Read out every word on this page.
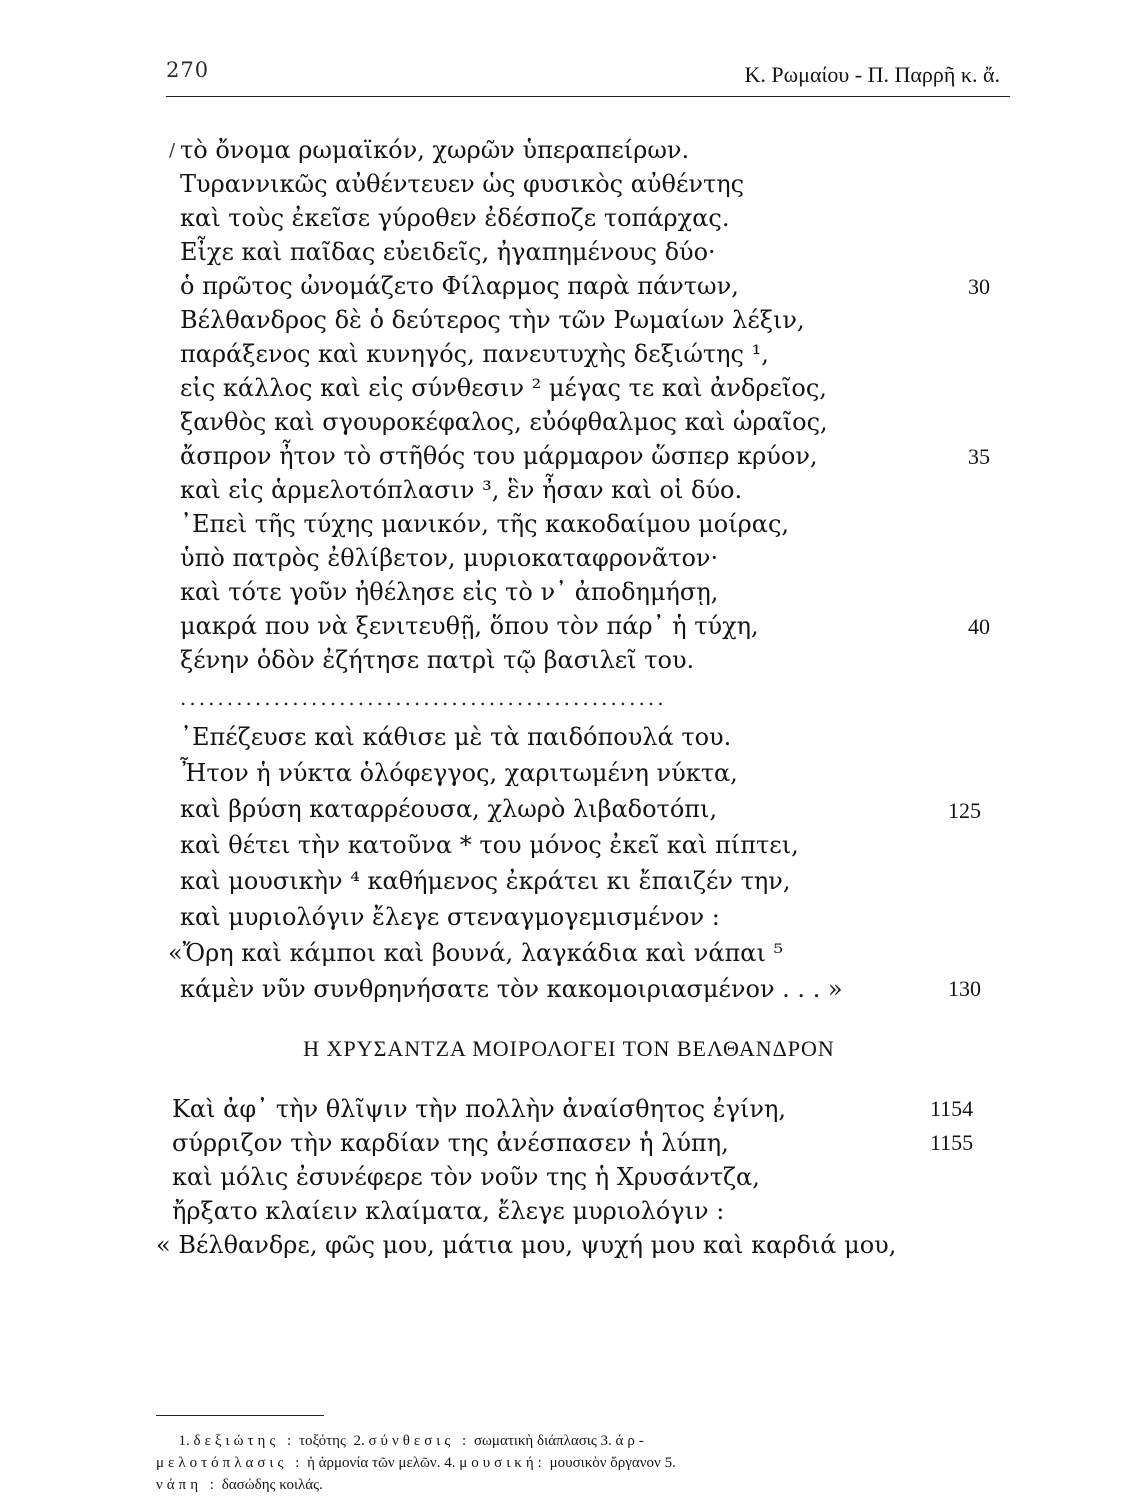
270	Κ. Ρωμαίου - Π. Παρρῆ κ. ἄ.
/ τὸ ὄνομα ρωμαϊκόν, χωρῶν ὑπεραπείρων.
Τυραννικῶς αὐθέντευεν ὡς φυσικὸς αὐθέντης
καὶ τοὺς ἐκεῖσε γύροθεν ἐδέσποζε τοπάρχας.
Εἶχε καὶ παῖδας εὐειδεῖς, ἠγαπημένους δύο·
ὁ πρῶτος ὠνομάζετο Φίλαρμος παρὰ πάντων,
Βέλθανδρος δὲ ὁ δεύτερος τὴν τῶν Ρωμαίων λέξιν,
παράξενος καὶ κυνηγός, πανευτυχὴς δεξιώτης ¹,
εἰς κάλλος καὶ εἰς σύνθεσιν ² μέγας τε καὶ ἀνδρεῖος,
ξανθὸς καὶ σγουροκέφαλος, εὐόφθαλμος καὶ ὡραῖος,
ἄσπρον ἦτον τὸ στῆθός του μάρμαρον ὥσπερ κρύον,
καὶ εἰς ἁρμελοτόπλασιν ³, ἓν ἦσαν καὶ οἱ δύο.
᾿Επεὶ τῆς τύχης μανικόν, τῆς κακοδαίμου μοίρας,
ὑπὸ πατρὸς ἐθλίβετον, μυριοκαταφρονᾶτον·
καὶ τότε γοῦν ἠθέλησε εἰς τὸ ν᾿ ἀποδημήσῃ,
μακρά που νὰ ξενιτευθῇ, ὅπου τὸν πάρ᾿ ἡ τύχη,
ξένην ὁδὸν ἐζήτησε πατρὶ τῷ βασιλεῖ του.
30
35
40
....................................................
᾿Επέζευσε καὶ κάθισε μὲ τὰ παιδόπουλά του.
Ἦτον ἡ νύκτα ὁλόφεγγος, χαριτωμένη νύκτα,
καὶ βρύση καταρρέουσα, χλωρὸ λιβαδοτόπι,
καὶ θέτει τὴν κατοῦνα * του μόνος ἐκεῖ καὶ πίπτει,
καὶ μουσικὴν ⁴ καθήμενος ἐκράτει κι ἔπαιζέν την,
καὶ μυριολόγιν ἔλεγε στεναγμογεμισμένον :
«Ὄρη καὶ κάμποι καὶ βουνά, λαγκάδια καὶ νάπαι ⁵
κάμὲν νῦν συνθρηνήσατε τὸν κακομοιριασμένον . . . »
125
130
Η ΧΡΥΣΑΝΤΖΑ ΜΟΙΡΟΛΟΓΕΙ ΤΟΝ ΒΕΛΘΑΝΔΡΟΝ
Καὶ ἀφ᾿ τὴν θλῖψιν τὴν πολλὴν ἀναίσθητος ἐγίνη,
σύρριζον τὴν καρδίαν της ἀνέσπασεν ἡ λύπη,
καὶ μόλις ἐσυνέφερε τὸν νοῦν της ἡ Χρυσάντζα,
ἤρξατο κλαίειν κλαίματα, ἔλεγε μυριολόγιν :
« Βέλθανδρε, φῶς μου, μάτια μου, ψυχή μου καὶ καρδιά μου,
1154
1155
1. δεξιώτης : τοξότης 2. σύνθεσις : σωματικὴ διάπλασις 3. άρ-
μελοτόπλασις : ἡ ἁρμονία τῶν μελῶν. 4. μουσική: μουσικὸν ὄργανον 5.
νάπη : δασώδης κοιλάς.
